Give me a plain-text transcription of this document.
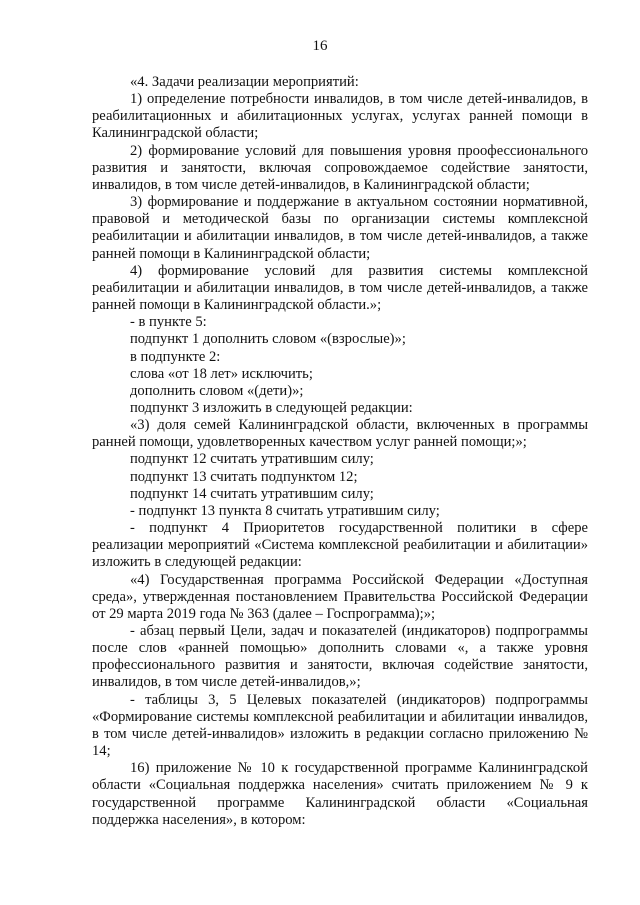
16

«4. Задачи реализации мероприятий:

1) определение потребности инвалидов, в том числе детей-инвалидов, в реабилитационных и абилитационных услугах, услугах ранней помощи в Калининградской области;

2) формирование условий для повышения уровня проофессионального развития и занятости, включая сопровождаемое содействие занятости, инвалидов, в том числе детей-инвалидов, в Калининградской области;

3) формирование и поддержание в актуальном состоянии нормативной, правовой и методической базы по организации системы комплексной реабилитации и абилитации инвалидов, в том числе детей-инвалидов, а также ранней помощи в Калининградской области;

4) формирование условий для развития системы комплексной реабилитации и абилитации инвалидов, в том числе детей-инвалидов, а также ранней помощи в Калининградской области.»;

- в пункте 5:

подпункт 1 дополнить словом «(взрослые)»;

в подпункте 2:

слова «от 18 лет» исключить;

дополнить словом «(дети)»;

подпункт 3 изложить в следующей редакции:

«3) доля семей Калининградской области, включенных в программы ранней помощи, удовлетворенных качеством услуг ранней помощи;»;

подпункт 12 считать утратившим силу;

подпункт 13 считать подпунктом 12;

подпункт 14 считать утратившим силу;

- подпункт 13 пункта 8 считать утратившим силу;

- подпункт 4 Приоритетов государственной политики в сфере реализации мероприятий «Система комплексной реабилитации и абилитации» изложить в следующей редакции:

«4) Государственная программа Российской Федерации «Доступная среда», утвержденная постановлением Правительства Российской Федерации от 29 марта 2019 года № 363 (далее – Госпрограмма);»;

- абзац первый Цели, задач и показателей (индикаторов) подпрограммы после слов «ранней помощью» дополнить словами «, а также уровня профессионального развития и занятости, включая содействие занятости, инвалидов, в том числе детей-инвалидов,»;

- таблицы 3, 5 Целевых показателей (индикаторов) подпрограммы «Формирование системы комплексной реабилитации и абилитации инвалидов, в том числе детей-инвалидов» изложить в редакции согласно приложению № 14;

16) приложение № 10 к государственной программе Калининградской области «Социальная поддержка населения» считать приложением № 9 к государственной программе Калининградской области «Социальная поддержка населения», в котором:
